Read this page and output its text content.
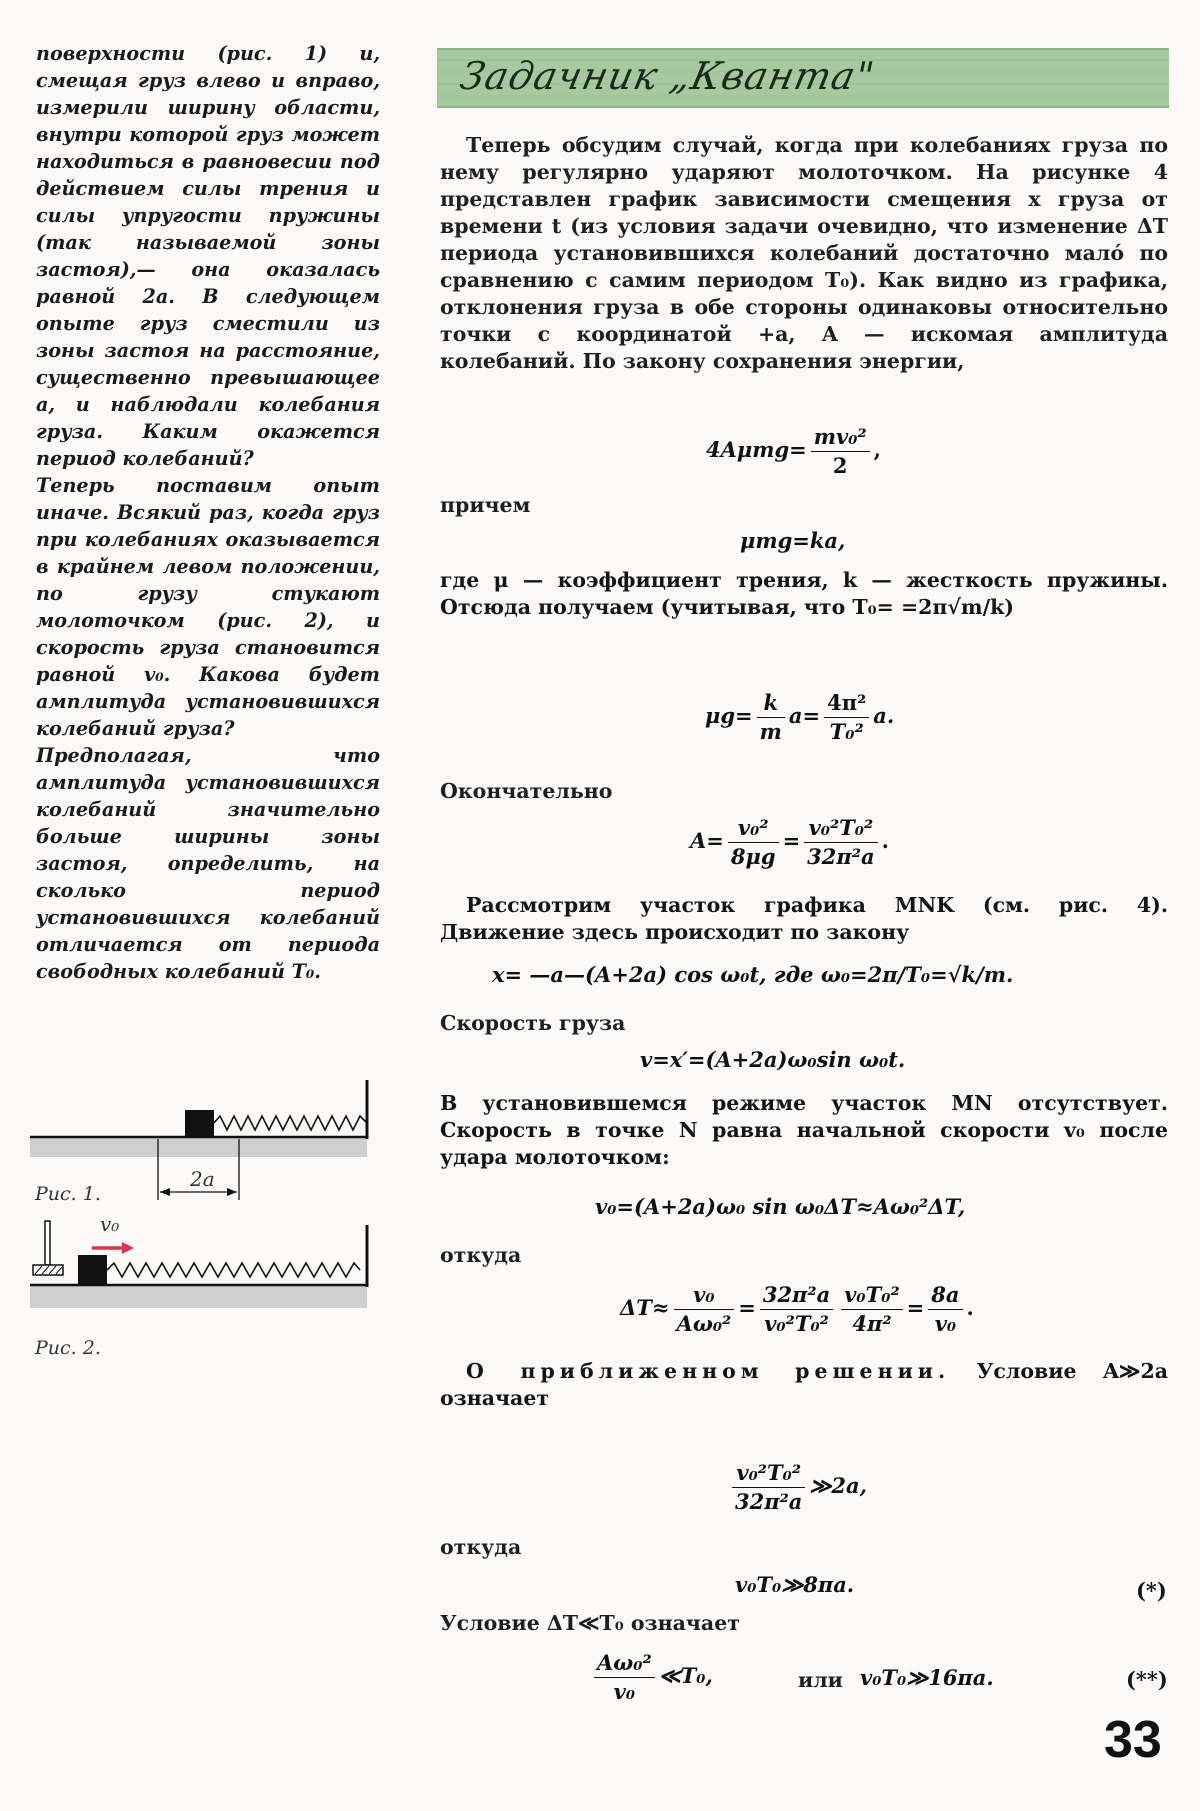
поверхности (рис. 1) и, смещая груз влево и вправо, измерили ширину области, внутри которой груз может находиться в равновесии под действием силы трения и силы упругости пружины (так называемой зоны застоя),— она оказалась равной 2a. В следующем опыте груз сместили из зоны застоя на расстояние, существенно превышающее a, и наблюдали колебания груза. Каким окажется период колебаний?

Теперь поставим опыт иначе. Всякий раз, когда груз при колебаниях оказывается в крайнем левом положении, по грузу стукают молоточком (рис. 2), и скорость груза становится равной v₀. Какова будет амплитуда установившихся колебаний груза?

Предполагая, что амплитуда установившихся колебаний значительно больше ширины зоны застоя, определить, на сколько период установившихся колебаний отличается от периода свободных колебаний T₀.

2a
Рис. 1.
v₀
Рис. 2.
Задачник „Кванта"

Теперь обсудим случай, когда при колебаниях груза по нему регулярно ударяют молоточком. На рисунке 4 представлен график зависимости смещения x груза от времени t (из условия задачи очевидно, что изменение ΔT периода установившихся колебаний достаточно мало́ по сравнению с самим периодом T₀). Как видно из графика, отклонения груза в обе стороны одинаковы относительно точки с координатой +a, A — искомая амплитуда колебаний. По закону сохранения энергии,

$4A\mu mg= \frac{\text{mv₀²}}{2}$ ,
причем
μmg=ka,

где μ — коэффициент трения, k — жесткость пружины. Отсюда получаем (учитывая, что T₀= =2π√m/k)

$\mu g= \frac{k}{m} a= \frac{\text{4π²}}{\text{T₀²}} a$.
Окончательно
$A= \frac{\text{v₀²}}{8\mu g} = \frac{\text{v₀²T₀²}}{\text{32π²a}}$ .

Рассмотрим участок графика MNK (см. рис. 4). Движение здесь происходит по закону

x= —a—(A+2a) cos ω₀t, где ω₀=2π/T₀=√k/m.
Скорость груза
v=x′=(A+2a)ω₀sin ω₀t.

В установившемся режиме участок MN отсутствует. Скорость в точке N равна начальной скорости v₀ после удара молоточком:

v₀=(A+2a)ω₀ sin ω₀ΔT≈Aω₀²ΔT,
откуда
$\Delta T\approx \frac{\text{v₀}}{\text{Aω₀²}} = \frac{\text{32π²a}}{\text{v₀²T₀²}} \frac{\text{v₀T₀²}}{\text{4π²}} = \frac{8a}{\text{v₀}}$ .
О приближенном решении. Условие A≫2a означает
$\frac{\text{v₀²T₀²}}{\text{32π²a}}$ ≫2a,
откуда
v₀T₀≫8πa.	(*)
Условие ΔT≪T₀ означает
$\frac{\text{Aω₀²}}{\text{v₀}}$ ≪T₀,	или v₀T₀≫16πa.	(**)
33
